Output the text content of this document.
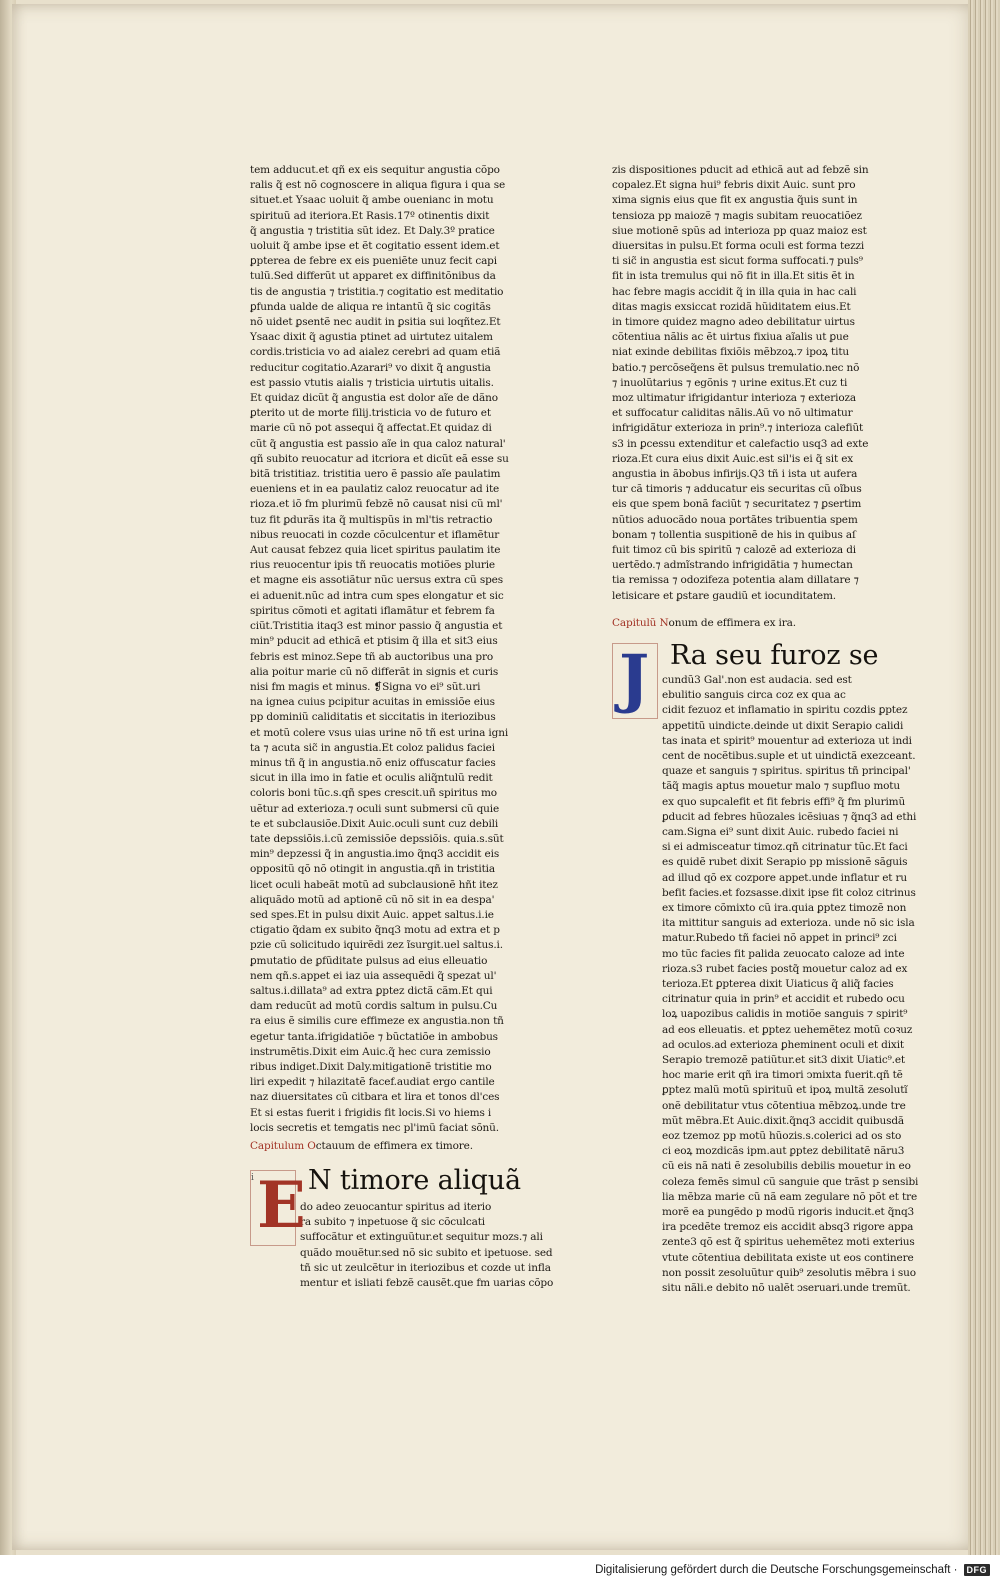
tem adducut.et qñ ex eis sequitur angustia cõpo
ralis q̃ est nõ cognoscere in aliqua figura i qua se
situet.et Ysaac uoluit q̃ ambe ouenianc in motu
spirituũ ad iteriora.Et Rasis.17º otinentis dixit
q̃ angustia ⁊ tristitia sũt idez. Et Daly.3º pratice
uoluit q̃ ambe ipse et ẽt cogitatio essent idem.et
ꝑpterea de febre ex eis pueniẽte unuz fecit capi
tulũ.Sed differũt ut apparet ex diffinitõnibus da
tis de angustia ⁊ tristitia.⁊ cogitatio est meditatio
ꝑfunda ualde de aliqua re intantũ q̃ sic cogitãs
nõ uidet ꝑsentẽ nec audit in ꝑsitia sui loqñtez.Et
Ysaac dixit q̃ agustia ptinet ad uirtutez uitalem
cordis.tristicia vo ad aialez cerebri ad quam etiã
reducitur cogitatio.Azarari⁹ vo dixit q̃ angustia
est passio vtutis aialis ⁊ tristicia uirtutis uitalis.
Et quidaz dicũt q̃ angustia est dolor aĩe de dãno
ꝑterito ut de morte filij.tristicia vo de futuro et
marie cũ nõ pot assequi q̃ affectat.Et quidaz di
cũt q̃ angustia est passio aĩe in qua caloz natural'
qñ subito reuocatur ad itcriora et dicũt eã esse su
bitã tristitiaz. tristitia uero ẽ passio aĩe paulatim
eueniens et in ea paulatiz caloz reuocatur ad ite
rioza.et iõ fm plurimũ febzẽ nõ causat nisi cũ ml'
tuz fit ꝑdurãs ita q̃ multispũs in ml'tis retractio
nibus reuocati in cozde cõculcentur et iflamẽtur
Aut causat febzez quia licet spiritus paulatim ite
rius reuocentur ipis tñ reuocatis motiões plurie
et magne eis assotiãtur nũc uersus extra cũ spes
ei aduenit.nũc ad intra cum spes elongatur et sic
spiritus cõmoti et agitati iflamãtur et febrem fa
ciũt.Tristitia itaq3 est minor passio q̃ angustia et
min⁹ pducit ad ethicã et ptisim q̃ illa et sit3 eius
febris est minoz.Sepe tñ ab auctoribus una pro
alia poitur marie cũ nõ differãt in signis et curis
nisi fm magis et minus. ❡Signa vo ei⁹ sũt.uri
na ignea cuius pcipitur acuitas in emissiõe eius
pp dominiũ caliditatis et siccitatis in iteriozibus
et motũ colere vsus uias urine nõ tñ est urina igni
ta ⁊ acuta sic̃ in angustia.Et coloz palidus faciei
minus tñ q̃ in angustia.nõ eniz offuscatur facies
sicut in illa imo in fatie et oculis aliq̃ntulũ redit
coloris boni tũc.s.qñ spes crescit.uñ spiritus mo
uẽtur ad exterioza.⁊ oculi sunt submersi cũ quie
te et subclausiõe.Dixit Auic.oculi sunt cuz debili
tate depssiõis.i.cũ zemissiõe depssiõis. quia.s.sũt
min⁹ depzessi q̃ in angustia.imo q̃nq3 accidit eis
oppositũ qõ nõ otingit in angustia.qñ in tristitia
licet oculi habeãt motũ ad subclausionẽ hñt itez
aliquãdo motũ ad aptionẽ cũ nõ sit in ea despa'
sed spes.Et in pulsu dixit Auic. appet saltus.i.ie
ctigatio q̃dam ex subito q̃nq3 motu ad extra et p
pzie cũ solicitudo iquirẽdi zez ĩsurgit.uel saltus.i.
ꝑmutatio de ꝑfũditate pulsus ad eius elleuatio
nem qñ.s.appet ei iaz uia assequẽdi q̃ spezat ul'
saltus.i.dillata⁹ ad extra ꝑptez dictã cãm.Et qui
dam reducũt ad motũ cordis saltum in pulsu.Cu
ra eius ẽ similis cure effimeze ex angustia.non tñ
egetur tanta.ifrigidatiõe ⁊ bũctatiõe in ambobus
instrumẽtis.Dixit eim Auic.q̃ hec cura zemissio
ribus indiget.Dixit Daly.mitigationẽ tristitie mo
liri expedit ⁊ hilazitatẽ facef.audiat ergo cantile
naz diuersitates cũ citbara et lira et tonos dl'ces
Et si estas fuerit i frigidis fit locis.Si vo hiems i
locis secretis et temgatis nec pl'imũ faciat sõnũ.
Capitulum Octauum de effimera ex timore.
i E N timore aliquã
do adeo zeuocantur spiritus ad iterio
ra subito ⁊ inpetuose q̃ sic cõculcati
suffocãtur et extinguũtur.et sequitur mozs.⁊ ali
quãdo mouẽtur.sed nõ sic subito et ipetuose. sed
tñ sic ut zeulcẽtur in iteriozibus et cozde ut infla
mentur et isliati febzẽ causẽt.que fm uarias cõpo
zis dispositiones pducit ad ethicã aut ad febzẽ sin
copalez.Et signa hui⁹ febris dixit Auic. sunt pro
xima signis eius que fit ex angustia q̃uis sunt in
tensioza pp maiozẽ ⁊ magis subitam reuocatiõez
siue motionẽ spũs ad interioza pp quaz maioz est
diuersitas in pulsu.Et forma oculi est forma tezzi
ti sic̃ in angustia est sicut forma suffocati.⁊ puls⁹
fit in ista tremulus qui nõ fit in illa.Et sitis ẽt in
hac febre magis accidit q̃ in illa quia in hac cali
ditas magis exsiccat rozidã hũiditatem eius.Et
in timore quidez magno adeo debilitatur uirtus
cõtentiua nãlis ac ẽt uirtus fixiua aĩalis ut ꝑue
niat exinde debilitas fixiõis mẽbzoꝝ.⁊ ipoꝝ titu
batio.⁊ percõseq̃ens ẽt pulsus tremulatio.nec nõ
⁊ inuolũtarius ⁊ egõnis ⁊ urine exitus.Et cuz ti
moz ultimatur ifrigidantur interioza ⁊ exterioza
et suffocatur caliditas nãlis.Aũ vo nõ ultimatur
infrigidãtur exterioza in prin⁹.⁊ interioza calefiũt
s3 in ꝑcessu extenditur et calefactio usq3 ad exte
rioza.Et cura eius dixit Auic.est sil'is ei q̃ sit ex
angustia in ãbobus infirijs.Q3 tñ i ista ut aufera
tur cã timoris ⁊ adducatur eis securitas cũ oĩbus
eis que spem bonã faciũt ⁊ securitatez ⁊ ꝑsertim
nũtios aduocãdo noua portãtes tribuentia spem
bonam ⁊ tollentia suspitionẽ de his in quibus aſ
fuit timoz cũ bis spiritũ ⁊ calozẽ ad exterioza di
uertẽdo.⁊ admĩstrando infrigidãtia ⁊ humectan
tia remissa ⁊ odozifeza potentia alam dillatare ⁊
letisicare et ꝑstare gaudiũ et iocunditatem.
Capitulũ Nonum de effimera ex ira.
J Ra seu furoz se
cundũ3 Gal'.non est audacia. sed est
ebulitio sanguis circa coz ex qua ac
cidit fezuoz et inflamatio in spiritu cozdis ꝑptez
appetitũ uindicte.deinde ut dixit Serapio calidi
tas inata et spirit⁹ mouentur ad exterioza ut indi
cent de nocẽtibus.suple et ut uindictã exezceant.
quaze et sanguis ⁊ spiritus. spiritus tñ principal'
tãq̃ magis aptus mouetur malo ⁊ supfluo motu
ex quo supcalefit et fit febris effi⁹ q̃ fm plurimũ
ꝑducit ad febres hũozales icẽsiuas ⁊ q̃nq3 ad ethi
cam.Signa ei⁹ sunt dixit Auic. rubedo faciei ni
si ei admisceatur timoz.qñ citrinatur tũc.Et faci
es quidẽ rubet dixit Serapio pp missionẽ sãguis
ad illud qõ ex cozpore appet.unde inflatur et ru
befit facies.et fozsasse.dixit ipse fit coloz citrinus
ex timore cõmixto cũ ira.quia ꝑptez timozẽ non
ita mittitur sanguis ad exterioza. unde nõ sic isla
matur.Rubedo tñ faciei nõ appet in princi⁹ zci
mo tũc facies fit palida zeuocato caloze ad inte
rioza.s3 rubet facies postq̃ mouetur caloz ad ex
terioza.Et ꝑpterea dixit Uiaticus q̃ aliq̃ facies
citrinatur quia in prin⁹ et accidit et rubedo ocu
loꝝ uapozibus calidis in motiõe sanguis ⁊ spirit⁹
ad eos elleuatis. et ꝑptez uehemẽtez motũ coꝛuz
ad oculos.ad exterioza ꝑheminent oculi et dixit
Serapio tremozẽ patiũtur.et sit3 dixit Uiatic⁹.et
hoc marie erit qñ ira timori ↄmixta fuerit.qñ tẽ
ꝑptez malũ motũ spirituũ et ipoꝝ multã zesolutĩ
onẽ debilitatur vtus cõtentiua mẽbzoꝝ.unde tre
mũt mẽbra.Et Auic.dixit.q̃nq3 accidit quibusdã
eoz tzemoz pp motũ hũozis.s.colerici ad os sto
ci eoꝝ mozdicãs ipm.aut ꝑptez debilitatẽ nãru3
cũ eis nã nati ẽ zesolubilis debilis mouetur in eo
coleza femẽs simul cũ sanguie que trãst p sensibi
lia mẽbza marie cũ nã eam zegulare nõ põt et tre
morẽ ea pungẽdo p modũ rigoris inducit.et q̃nq3
ira pcedẽte tremoz eis accidit absq3 rigore appa
zente3 qõ est q̃ spiritus uehemẽtez moti exterius
vtute cõtentiua debilitata existe ut eos continere
non possit zesoluũtur quib⁹ zesolutis mẽbra i suo
situ nãli.e debito nõ ualẽt ↄseruari.unde tremũt.
Digitalisierung gefördert durch die Deutsche Forschungsgemeinschaft ·	DFG
